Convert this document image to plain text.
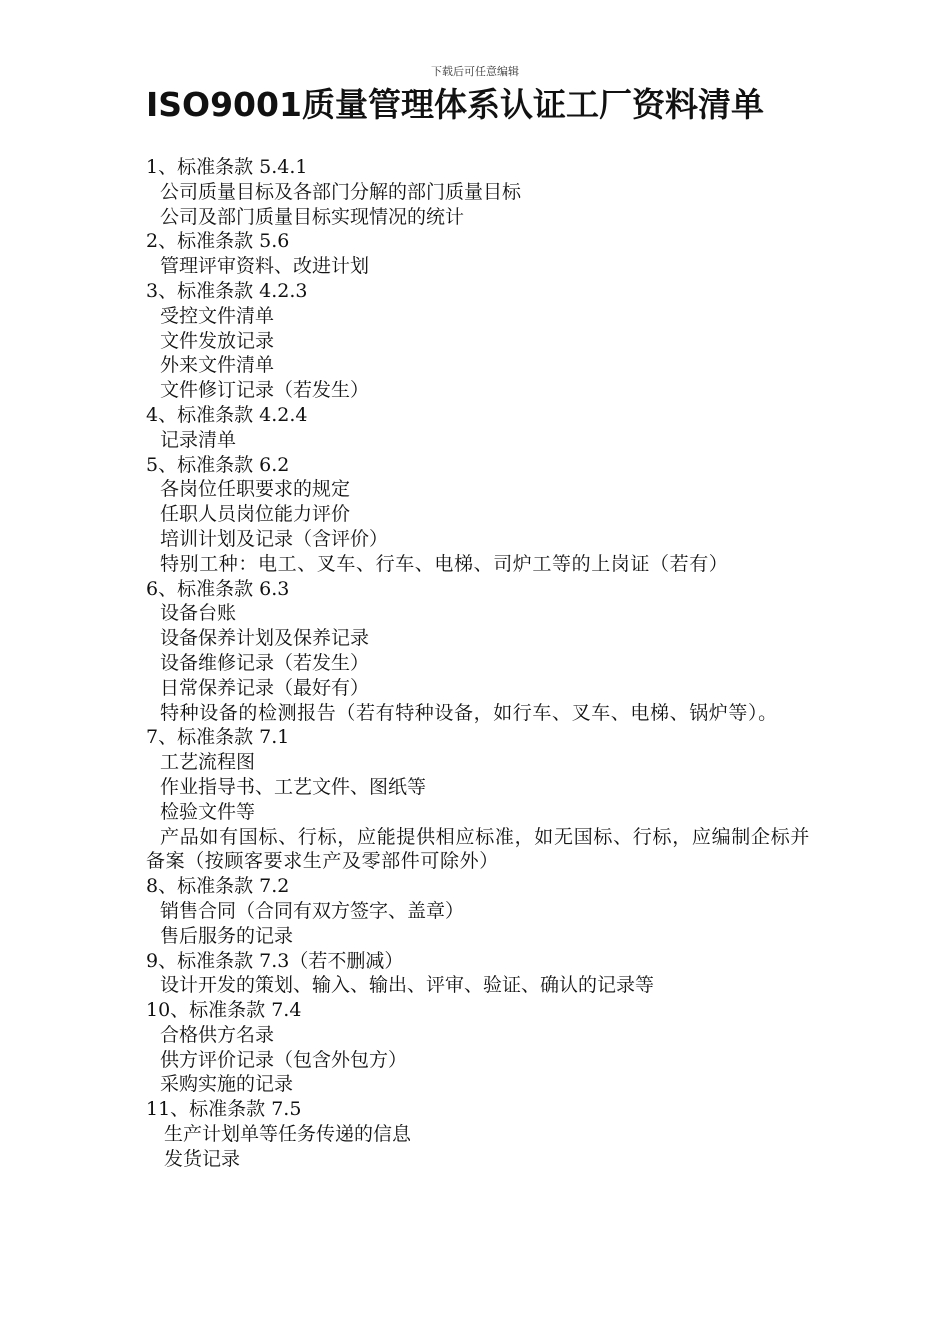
下载后可任意编辑
ISO9001质量管理体系认证工厂资料清单
1、标准条款 5.4.1
公司质量目标及各部门分解的部门质量目标
公司及部门质量目标实现情况的统计
2、标准条款 5.6
管理评审资料、改进计划
3、标准条款 4.2.3
受控文件清单
文件发放记录
外来文件清单
文件修订记录（若发生）
4、标准条款 4.2.4
记录清单
5、标准条款 6.2
各岗位任职要求的规定
任职人员岗位能力评价
培训计划及记录（含评价）
特别工种：电工、叉车、行车、电梯、司炉工等的上岗证（若有）
6、标准条款 6.3
设备台账
设备保养计划及保养记录
设备维修记录（若发生）
日常保养记录（最好有）
特种设备的检测报告（若有特种设备，如行车、叉车、电梯、锅炉等）。
7、标准条款 7.1
工艺流程图
作业指导书、工艺文件、图纸等
检验文件等
产品如有国标、行标，应能提供相应标准，如无国标、行标，应编制企标并备案（按顾客要求生产及零部件可除外）
8、标准条款 7.2
销售合同（合同有双方签字、盖章）
售后服务的记录
9、标准条款 7.3（若不删减）
设计开发的策划、输入、输出、评审、验证、确认的记录等
10、标准条款 7.4
合格供方名录
供方评价记录（包含外包方）
采购实施的记录
11、标准条款 7.5
生产计划单等任务传递的信息
发货记录
